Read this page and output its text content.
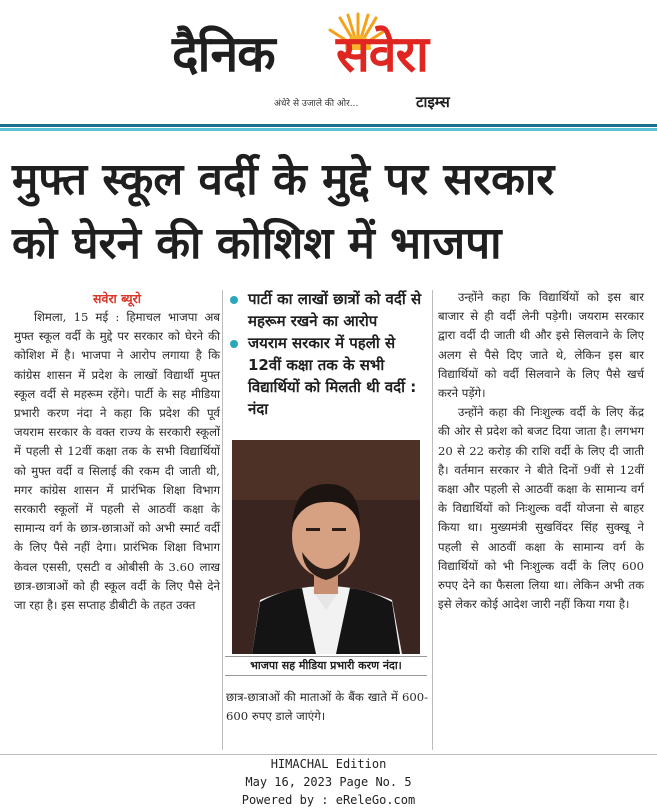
दैनिक सवेरा
अंधेरे से उजाले की ओर...	टाइम्स
मुफ्त स्कूल वर्दी के मुद्दे पर सरकार
को घेरने की कोशिश में भाजपा
सवेरा ब्यूरो

शिमला, 15 मई : हिमाचल भाजपा अब मुफ्त स्कूल वर्दी के मुद्दे पर सरकार को घेरने की कोशिश में है। भाजपा ने आरोप लगाया है कि कांग्रेस शासन में प्रदेश के लाखों विद्यार्थी मुफ्त स्कूल वर्दी से महरूम रहेंगे। पार्टी के सह मीडिया प्रभारी करण नंदा ने कहा कि प्रदेश की पूर्व जयराम सरकार के वक्त राज्य के सरकारी स्कूलों में पहली से 12वीं कक्षा तक के सभी विद्यार्थियों को मुफ्त वर्दी व सिलाई की रकम दी जाती थी, मगर कांग्रेस शासन में प्रारंभिक शिक्षा विभाग सरकारी स्कूलों में पहली से आठवीं कक्षा के सामान्य वर्ग के छात्र-छात्राओं को अभी स्मार्ट वर्दी के लिए पैसे नहीं देगा। प्रारंभिक शिक्षा विभाग केवल एससी, एसटी व ओबीसी के 3.60 लाख छात्र-छात्राओं को ही स्कूल वर्दी के लिए पैसे देने जा रहा है। इस सप्ताह डीबीटी के तहत उक्त

पार्टी का लाखों छात्रों को वर्दी से महरूम रखने का आरोप
जयराम सरकार में पहली से 12वीं कक्षा तक के सभी विद्यार्थियों को मिलती थी वर्दी : नंदा
भाजपा सह मीडिया प्रभारी करण नंदा।

छात्र-छात्राओं की माताओं के बैंक खाते में 600-600 रुपए डाले जाएंगे।

उन्होंने कहा कि विद्यार्थियों को इस बार बाजार से ही वर्दी लेनी पड़ेगी। जयराम सरकार द्वारा वर्दी दी जाती थी और इसे सिलवाने के लिए अलग से पैसे दिए जाते थे, लेकिन इस बार विद्यार्थियों को वर्दी सिलवाने के लिए पैसे खर्च करने पड़ेंगे।

उन्होंने कहा की निःशुल्क वर्दी के लिए केंद्र की ओर से प्रदेश को बजट दिया जाता है। लगभग 20 से 22 करोड़ की राशि वर्दी के लिए दी जाती है। वर्तमान सरकार ने बीते दिनों 9वीं से 12वीं कक्षा और पहली से आठवीं कक्षा के सामान्य वर्ग के विद्यार्थियों को निःशुल्क वर्दी योजना से बाहर किया था। मुख्यमंत्री सुखविंदर सिंह सुक्खू ने पहली से आठवीं कक्षा के सामान्य वर्ग के विद्यार्थियों को भी निःशुल्क वर्दी के लिए 600 रुपए देने का फैसला लिया था। लेकिन अभी तक इसे लेकर कोई आदेश जारी नहीं किया गया है।

HIMACHAL Edition
May 16, 2023 Page No. 5
Powered by : eReleGo.com
